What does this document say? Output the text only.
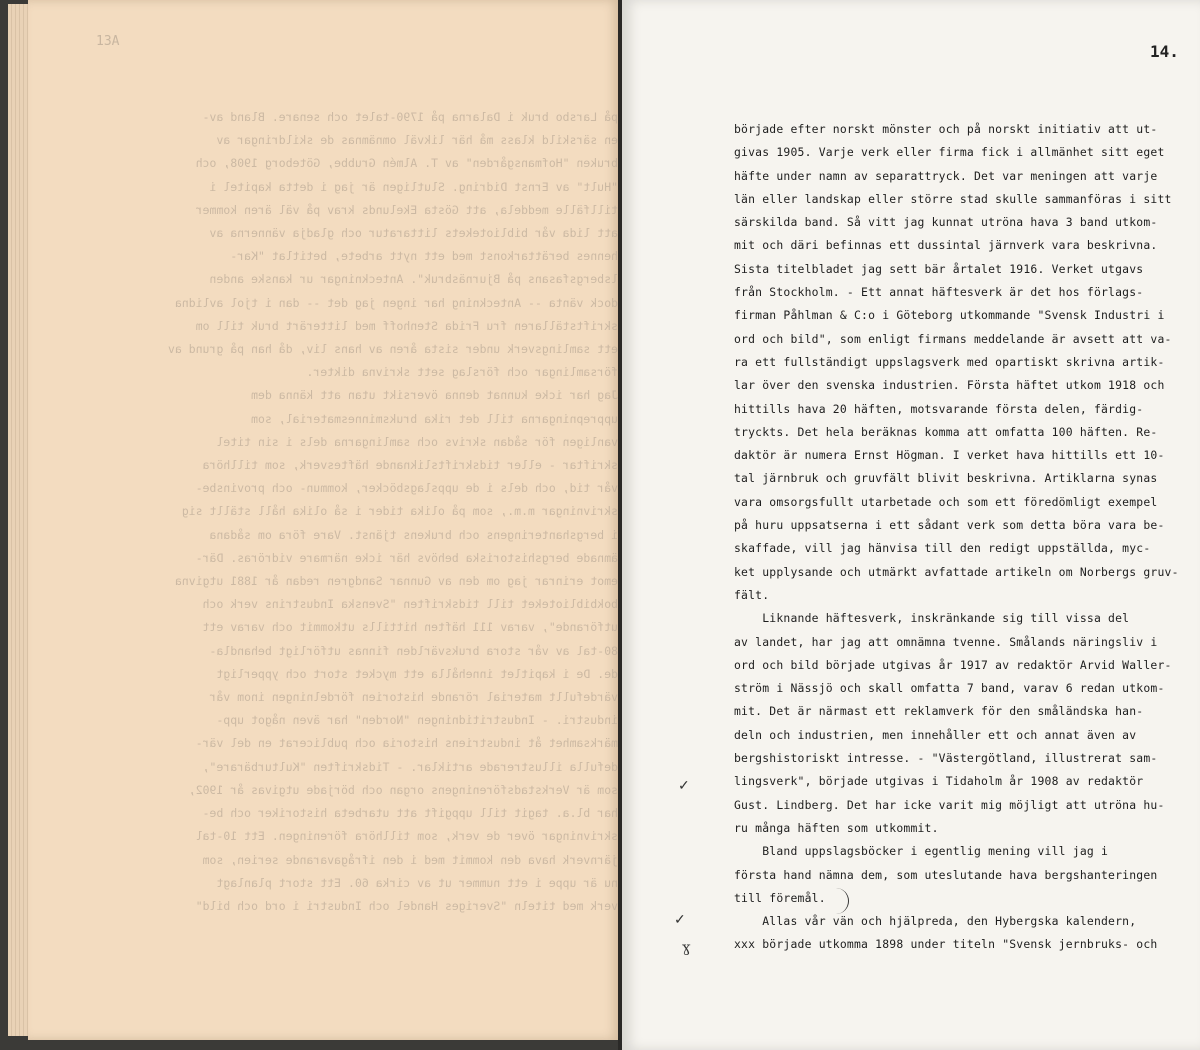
13A
på Larsbo bruk i Dalarna på 1790-talet och senare. Bland av-
en särskild klass må här likväl omnämnas de skildringar av
bruken "Hofmansgården" av T. Almén Grubbe, Göteborg 1908, och
"Hult" av Ernst Didring. Slutligen är jag i detta kapitel i
tillfälle meddela, att Gösta Ekelunds krav på väl ären kommer
att lida vår bibliotekets littaratur och gladja vännerna av
hennes berättarkonst med ett nytt arbete, betitlat "Kar-
lsbergsfasans på Bjurnäsbruk". Anteckningar ur kanske anden
dock vänta -- Anteckning har ingen jag det -- dan i tjol avlidna
skriftställaren fru Frida Stenhoff med litterärt bruk till om
ett samlingsverk under sista åren av hans liv, då han på grund av
församlingar och förslag sett skrivna dikter.
Jag har icke kunnat denna översikt utan att känna dem
upprepningarna till det rika bruksminnesmaterial, som
vanligen för sådan skrivs och samlingarna dels i sin titel
skriftar - eller tidskriftsliknande häftesverk, som tillhöra
vår tid, och dels i de uppslagsböcker, kommun- och provinsbe-
skrivningar m.m., som på olika tider i så olika håll ställt sig
i bergshanteringens och brukens tjänst. Vare föra om sådana
ämnade bergshistoriska behövs här icke närmare vidröras. Där-
emot erinrar jag om den av Gunnar Sandgren redan år 1881 utgivna
bokbiblioteket till tidskriften "Svenska Industrins verk och
utförande", varav 111 häften hittills utkommit och varav ett
80-tal av vår stora bruksvärlden finnas utförligt behandla-
de. De i kapitlet innehålla ett mycket stort och ypperligt
värdefullt material rörande historien fördelningen inom vår
industri. - Industritidningen "Norden" har även något upp-
märksamhet åt industriens historia och publicerat en del vär-
defulla illustrerade artiklar. - Tidskriften "Kulturbärare",
som är Verkstadsföreningens organ och började utgivas år 1902,
har bl.a. tagit till uppgift att utarbeta historiker och be-
skrivningar över de verk, som tillhöra föreningen. Ett 10-tal
järnverk hava den kommit med i den ifrågavarande serien, som
nu är uppe i ett nummer ut av cirka 60. Ett stort planlagt
verk med titeln "Sveriges Handel och Industri i ord och bild"
14.
började efter norskt mönster och på norskt initiativ att ut-
givas 1905. Varje verk eller firma fick i allmänhet sitt eget
häfte under namn av separattryck. Det var meningen att varje
län eller landskap eller större stad skulle sammanföras i sitt
särskilda band. Så vitt jag kunnat utröna hava 3 band utkom-
mit och däri befinnas ett dussintal järnverk vara beskrivna.
Sista titelbladet jag sett bär årtalet 1916. Verket utgavs
från Stockholm. - Ett annat häftesverk är det hos förlags-
firman Påhlman & C:o i Göteborg utkommande "Svensk Industri i
ord och bild", som enligt firmans meddelande är avsett att va-
ra ett fullständigt uppslagsverk med opartiskt skrivna artik-
lar över den svenska industrien. Första häftet utkom 1918 och
hittills hava 20 häften, motsvarande första delen, färdig-
tryckts. Det hela beräknas komma att omfatta 100 häften. Re-
daktör är numera Ernst Högman. I verket hava hittills ett 10-
tal järnbruk och gruvfält blivit beskrivna. Artiklarna synas
vara omsorgsfullt utarbetade och som ett föredömligt exempel
på huru uppsatserna i ett sådant verk som detta böra vara be-
skaffade, vill jag hänvisa till den redigt uppställda, myc-
ket upplysande och utmärkt avfattade artikeln om Norbergs gruv-
fält.
Liknande häftesverk, inskränkande sig till vissa del
av landet, har jag att omnämna tvenne. Smålands näringsliv i
ord och bild började utgivas år 1917 av redaktör Arvid Waller-
ström i Nässjö och skall omfatta 7 band, varav 6 redan utkom-
mit. Det är närmast ett reklamverk för den småländska han-
deln och industrien, men innehåller ett och annat även av
bergshistoriskt intresse. - "Västergötland, illustrerat sam-
lingsverk", började utgivas i Tidaholm år 1908 av redaktör
Gust. Lindberg. Det har icke varit mig möjligt att utröna hu-
ru många häften som utkommit.
Bland uppslagsböcker i egentlig mening vill jag i
första hand nämna dem, som uteslutande hava bergshanteringen
till föremål.
Allas vår vän och hjälpreda, den Hybergska kalendern,
xxx började utkomma 1898 under titeln "Svensk jernbruks- och
✓
✓
ɣ
